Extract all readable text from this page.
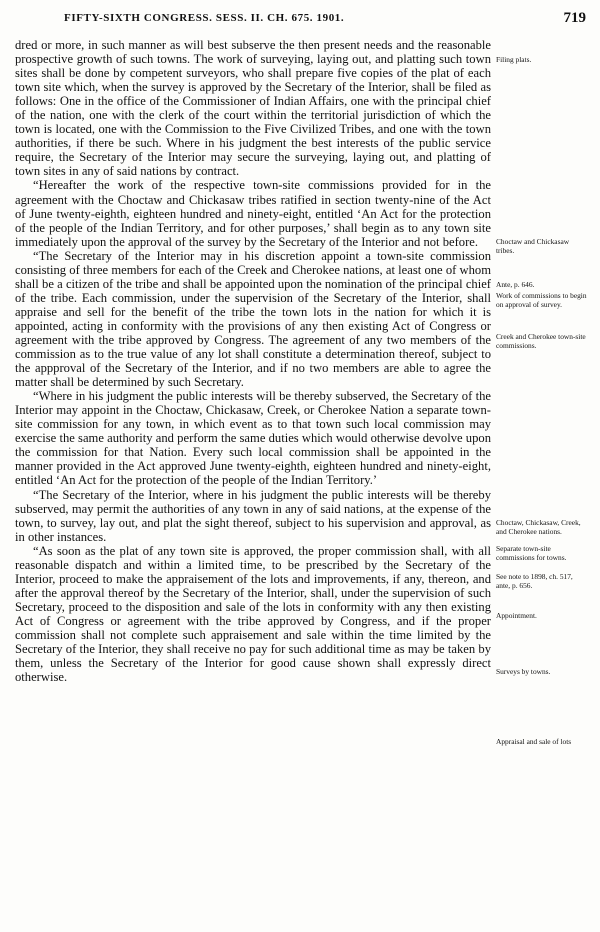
FIFTY-SIXTH CONGRESS. SESS. II. CH. 675. 1901.	719

dred or more, in such manner as will best subserve the then present needs and the reasonable prospective growth of such towns. The work of surveying, laying out, and platting such town sites shall be done by competent surveyors, who shall prepare five copies of the plat of each town site which, when the survey is approved by the Secretary of the Interior, shall be filed as follows: One in the office of the Commissioner of Indian Affairs, one with the principal chief of the nation, one with the clerk of the court within the territorial jurisdiction of which the town is located, one with the Commission to the Five Civilized Tribes, and one with the town authorities, if there be such. Where in his judgment the best interests of the public service require, the Secretary of the Interior may secure the surveying, laying out, and platting of town sites in any of said nations by contract.

“Hereafter the work of the respective town-site commissions provided for in the agreement with the Choctaw and Chickasaw tribes ratified in section twenty-nine of the Act of June twenty-eighth, eighteen hundred and ninety-eight, entitled ‘An Act for the protection of the people of the Indian Territory, and for other purposes,’ shall begin as to any town site immediately upon the approval of the survey by the Secretary of the Interior and not before.

“The Secretary of the Interior may in his discretion appoint a town-site commission consisting of three members for each of the Creek and Cherokee nations, at least one of whom shall be a citizen of the tribe and shall be appointed upon the nomination of the principal chief of the tribe. Each commission, under the supervision of the Secretary of the Interior, shall appraise and sell for the benefit of the tribe the town lots in the nation for which it is appointed, acting in conformity with the provisions of any then existing Act of Congress or agreement with the tribe approved by Congress. The agreement of any two members of the commission as to the true value of any lot shall constitute a determination thereof, subject to the appproval of the Secretary of the Interior, and if no two members are able to agree the matter shall be determined by such Secretary.

“Where in his judgment the public interests will be thereby subserved, the Secretary of the Interior may appoint in the Choctaw, Chickasaw, Creek, or Cherokee Nation a separate town-site commission for any town, in which event as to that town such local commission may exercise the same authority and perform the same duties which would otherwise devolve upon the commission for that Nation. Every such local commission shall be appointed in the manner provided in the Act approved June twenty-eighth, eighteen hundred and ninety-eight, entitled ‘An Act for the protection of the people of the Indian Territory.’

“The Secretary of the Interior, where in his judgment the public interests will be thereby subserved, may permit the authorities of any town in any of said nations, at the expense of the town, to survey, lay out, and plat the sight thereof, subject to his supervision and approval, as in other instances.

“As soon as the plat of any town site is approved, the proper commission shall, with all reasonable dispatch and within a limited time, to be prescribed by the Secretary of the Interior, proceed to make the appraisement of the lots and improvements, if any, thereon, and after the approval thereof by the Secretary of the Interior, shall, under the supervision of such Secretary, proceed to the disposition and sale of the lots in conformity with any then existing Act of Congress or agreement with the tribe approved by Congress, and if the proper commission shall not complete such appraisement and sale within the time limited by the Secretary of the Interior, they shall receive no pay for such additional time as may be taken by them, unless the Secretary of the Interior for good cause shown shall expressly direct otherwise.

Filing plats.
Choctaw and Chickasaw tribes.
Ante, p. 646.
Work of commissions to begin on approval of survey.
Creek and Cherokee town-site commissions.
Choctaw, Chickasaw, Creek, and Cherokee nations.
Separate town-site commissions for towns.
See note to 1898, ch. 517, ante, p. 656.
Appointment.
Surveys by towns.
Appraisal and sale of lots
